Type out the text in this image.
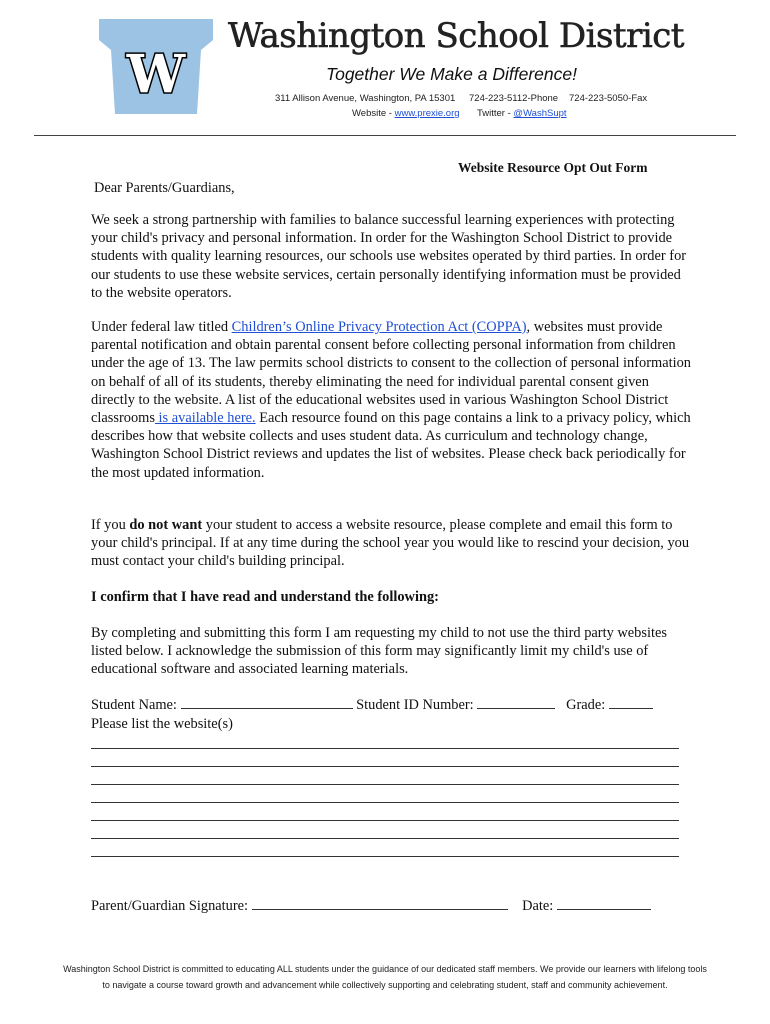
W
Washington School District
Together We Make a Difference!
311 Allison Avenue, Washington, PA 15301 724-223-5112-Phone 724-223-5050-Fax
Website - www.prexie.org Twitter - @WashSupt
Website Resource Opt Out Form
Dear Parents/Guardians,
We seek a strong partnership with families to balance successful learning experiences with protecting your child's privacy and personal information. In order for the Washington School District to provide students with quality learning resources, our schools use websites operated by third parties. In order for our students to use these website services, certain personally identifying information must be provided to the website operators.
Under federal law titled Children’s Online Privacy Protection Act (COPPA), websites must provide parental notification and obtain parental consent before collecting personal information from children under the age of 13. The law permits school districts to consent to the collection of personal information on behalf of all of its students, thereby eliminating the need for individual parental consent given directly to the website. A list of the educational websites used in various Washington School District classrooms is available here. Each resource found on this page contains a link to a privacy policy, which describes how that website collects and uses student data. As curriculum and technology change, Washington School District reviews and updates the list of websites. Please check back periodically for the most updated information.
If you do not want your student to access a website resource, please complete and email this form to your child's principal. If at any time during the school year you would like to rescind your decision, you must contact your child's building principal.
I confirm that I have read and understand the following:
By completing and submitting this form I am requesting my child to not use the third party websites listed below. I acknowledge the submission of this form may significantly limit my child's use of educational software and associated learning materials.
Student Name:	Student ID Number:	Grade:
Please list the website(s)
Parent/Guardian Signature:	Date:
Washington School District is committed to educating ALL students under the guidance of our dedicated staff members. We provide our learners with lifelong tools to navigate a course toward growth and advancement while collectively supporting and celebrating student, staff and community achievement.
